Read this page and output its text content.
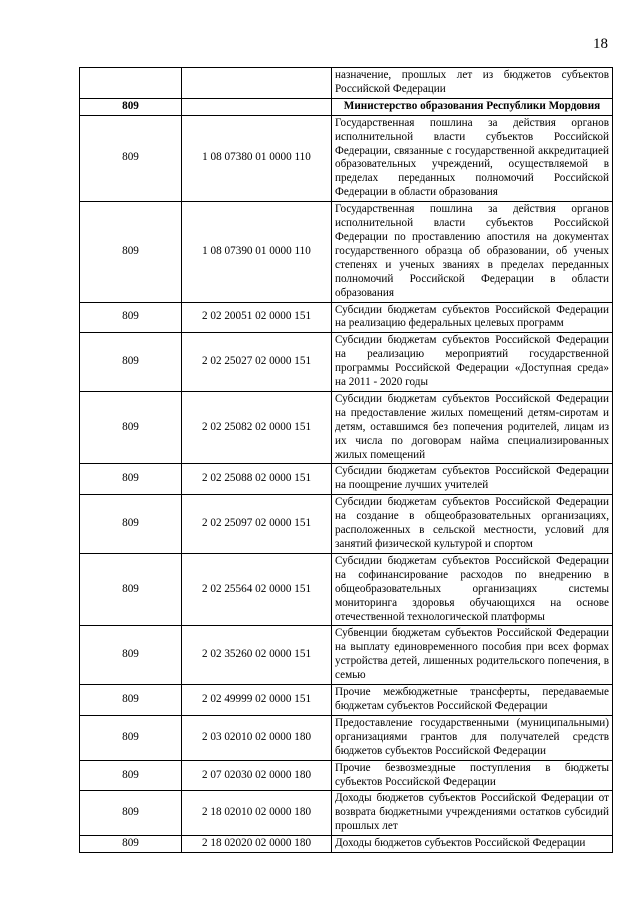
18
		назначение, прошлых лет из бюджетов субъектов Российской Федерации
809		Министерство образования Республики Мордовия
809	1 08 07380 01 0000 110	Государственная пошлина за действия органов исполнительной власти субъектов Российской Федерации, связанные с государственной аккредитацией образовательных учреждений, осуществляемой в пределах переданных полномочий Российской Федерации в области образования
809	1 08 07390 01 0000 110	Государственная пошлина за действия органов исполнительной власти субъектов Российской Федерации по проставлению апостиля на документах государственного образца об образовании, об ученых степенях и ученых званиях в пределах переданных полномочий Российской Федерации в области образования
809	2 02 20051 02 0000 151	Субсидии бюджетам субъектов Российской Федерации на реализацию федеральных целевых программ
809	2 02 25027 02 0000 151	Субсидии бюджетам субъектов Российской Федерации на реализацию мероприятий государственной программы Российской Федерации «Доступная среда» на 2011 - 2020 годы
809	2 02 25082 02 0000 151	Субсидии бюджетам субъектов Российской Федерации на предоставление жилых помещений детям-сиротам и детям, оставшимся без попечения родителей, лицам из их числа по договорам найма специализированных жилых помещений
809	2 02 25088 02 0000 151	Субсидии бюджетам субъектов Российской Федерации на поощрение лучших учителей
809	2 02 25097 02 0000 151	Субсидии бюджетам субъектов Российской Федерации на создание в общеобразовательных организациях, расположенных в сельской местности, условий для занятий физической культурой и спортом
809	2 02 25564 02 0000 151	Субсидии бюджетам субъектов Российской Федерации на софинансирование расходов по внедрению в общеобразовательных организациях системы мониторинга здоровья обучающихся на основе отечественной технологической платформы
809	2 02 35260 02 0000 151	Субвенции бюджетам субъектов Российской Федерации на выплату единовременного пособия при всех формах устройства детей, лишенных родительского попечения, в семью
809	2 02 49999 02 0000 151	Прочие межбюджетные трансферты, передаваемые бюджетам субъектов Российской Федерации
809	2 03 02010 02 0000 180	Предоставление государственными (муниципальными) организациями грантов для получателей средств бюджетов субъектов Российской Федерации
809	2 07 02030 02 0000 180	Прочие безвозмездные поступления в бюджеты субъектов Российской Федерации
809	2 18 02010 02 0000 180	Доходы бюджетов субъектов Российской Федерации от возврата бюджетными учреждениями остатков субсидий прошлых лет
809	2 18 02020 02 0000 180	Доходы бюджетов субъектов Российской Федерации
